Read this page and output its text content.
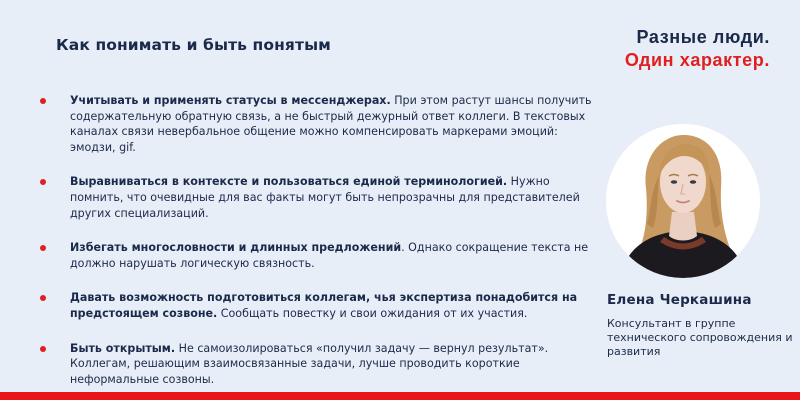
Как понимать и быть понятым	Разные люди.
Один характер.
Учитывать и применять статусы в мессенджерах. При этом растут шансы получить содержательную обратную связь, а не быстрый дежурный ответ коллеги. В текстовых каналах связи невербальное общение можно компенсировать маркерами эмоций: эмодзи, gif.
Выравниваться в контексте и пользоваться единой терминологией. Нужно помнить, что очевидные для вас факты могут быть непрозрачны для представителей других специализаций.
Избегать многословности и длинных предложений. Однако сокращение текста не должно нарушать логическую связность.
Давать возможность подготовиться коллегам, чья экспертиза понадобится на предстоящем созвоне. Сообщать повестку и свои ожидания от их участия.
Быть открытым. Не самоизолироваться «получил задачу — вернул результат». Коллегам, решающим взаимосвязанные задачи, лучше проводить короткие неформальные созвоны.
Елена Черкашина
Консультант в группе технического сопровождения и развития
